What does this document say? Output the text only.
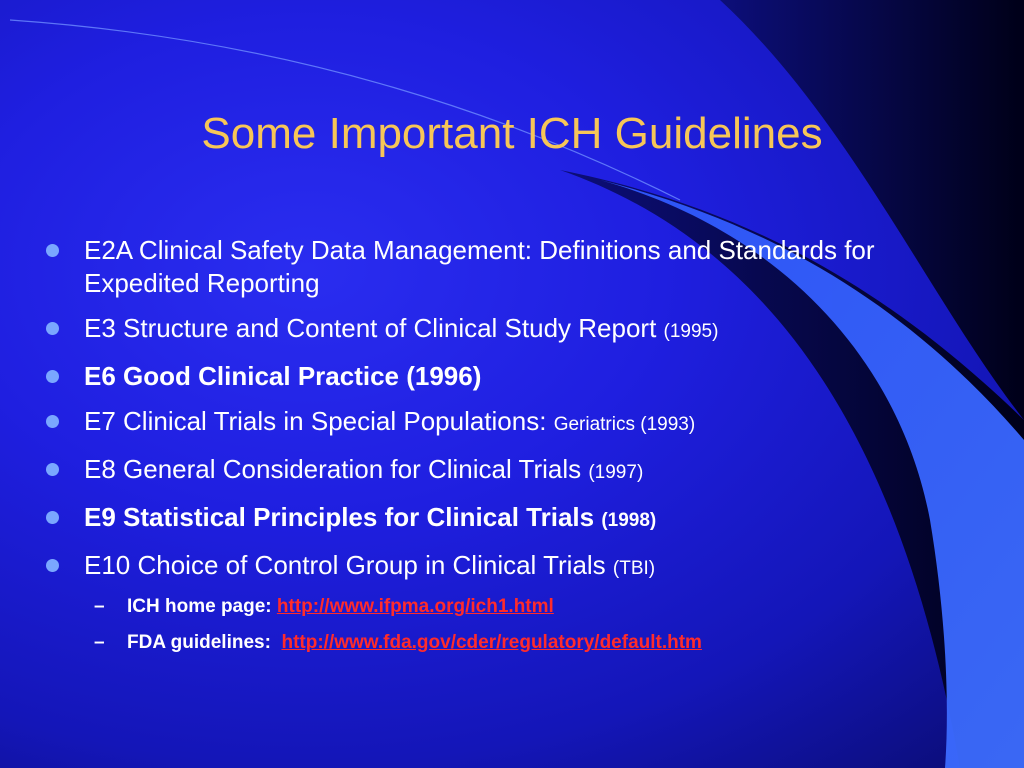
Some Important ICH Guidelines
E2A Clinical Safety Data Management: Definitions and Standards for Expedited Reporting
E3 Structure and Content of Clinical Study Report (1995)
E6 Good Clinical Practice (1996)
E7 Clinical Trials in Special Populations: Geriatrics (1993)
E8 General Consideration for Clinical Trials (1997)
E9 Statistical Principles for Clinical Trials (1998)
E10 Choice of Control Group in Clinical Trials (TBI)
– ICH home page: http://www.ifpma.org/ich1.html
– FDA guidelines:  http://www.fda.gov/cder/regulatory/default.htm
